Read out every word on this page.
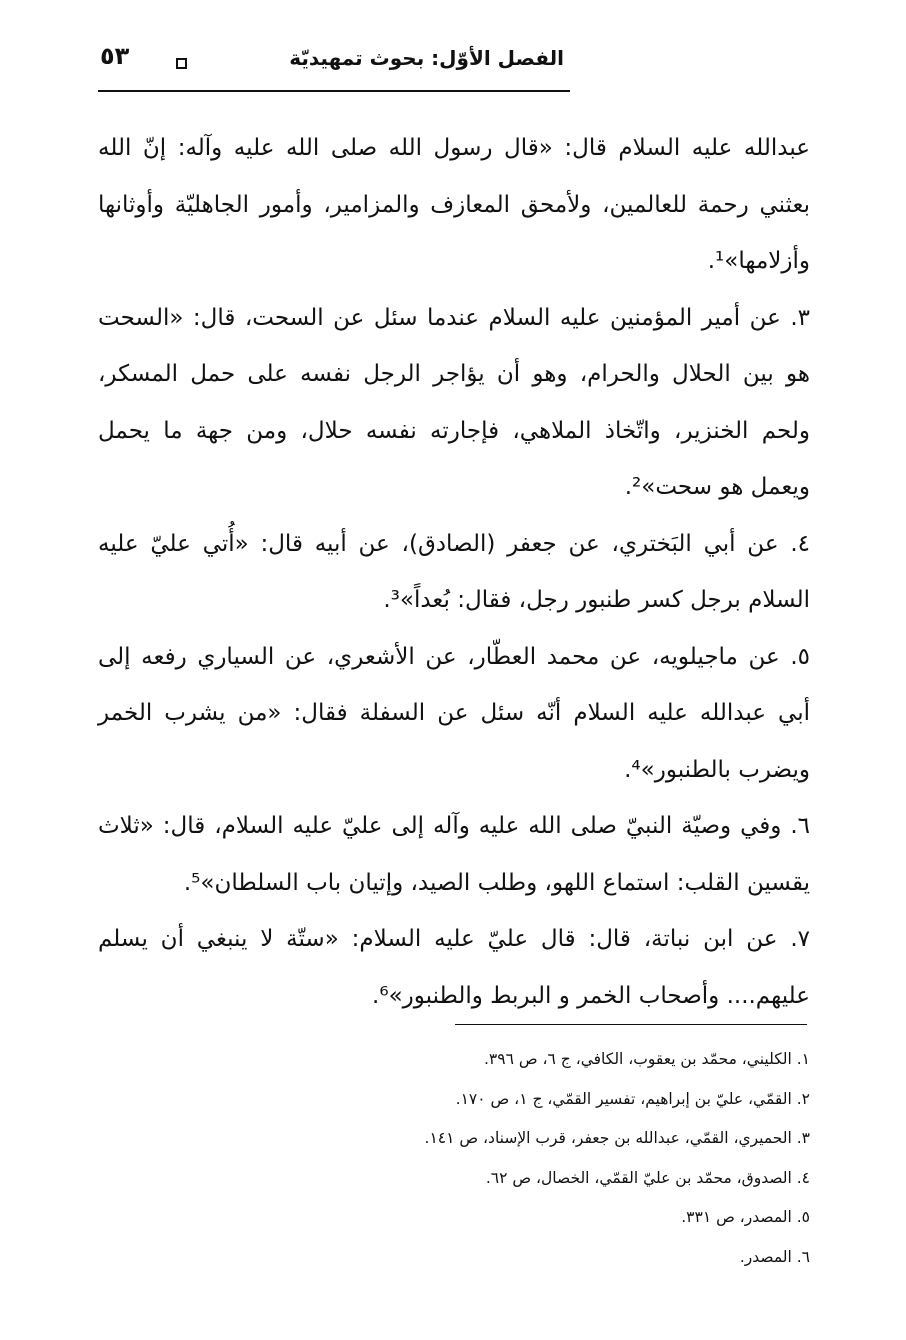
الفصل الأوّل: بحوث تمهيديّة
٥٣

عبدالله عليه السلام قال: «قال رسول الله صلى الله عليه وآله: إنّ الله بعثني رحمة للعالمين، ولأمحق المعازف والمزامير، وأمور الجاهليّة وأوثانها وأزلامها»¹.

٣. عن أمير المؤمنين عليه السلام عندما سئل عن السحت، قال: «السحت هو بين الحلال والحرام، وهو أن يؤاجر الرجل نفسه على حمل المسكر، ولحم الخنزير، واتّخاذ الملاهي، فإجارته نفسه حلال، ومن جهة ما يحمل ويعمل هو سحت»².

٤. عن أبي البَختري، عن جعفر (الصادق)، عن أبيه قال: «أُتي عليّ عليه السلام برجل كسر طنبور رجل، فقال: بُعداً»³.

٥. عن ماجيلويه، عن محمد العطّار، عن الأشعري، عن السياري رفعه إلى أبي عبدالله عليه السلام أنّه سئل عن السفلة فقال: «من يشرب الخمر ويضرب بالطنبور»⁴.

٦. وفي وصيّة النبيّ صلى الله عليه وآله إلى عليّ عليه السلام، قال: «ثلاث يقسين القلب: استماع اللهو، وطلب الصيد، وإتيان باب السلطان»⁵.

٧. عن ابن نباتة، قال: قال عليّ عليه السلام: «ستّة لا ينبغي أن يسلم عليهم.... وأصحاب الخمر و البربط والطنبور»⁶.

١. الكليني، محمّد بن يعقوب، الكافي، ج ٦، ص ٣٩٦.
٢. القمّي، عليّ بن إبراهيم، تفسير القمّي، ج ١، ص ١٧٠.
٣. الحميري، القمّي، عبدالله بن جعفر، قرب الإسناد، ص ١٤١.
٤. الصدوق، محمّد بن عليّ القمّي، الخصال، ص ٦٢.
٥. المصدر، ص ٣٣١.
٦. المصدر.
